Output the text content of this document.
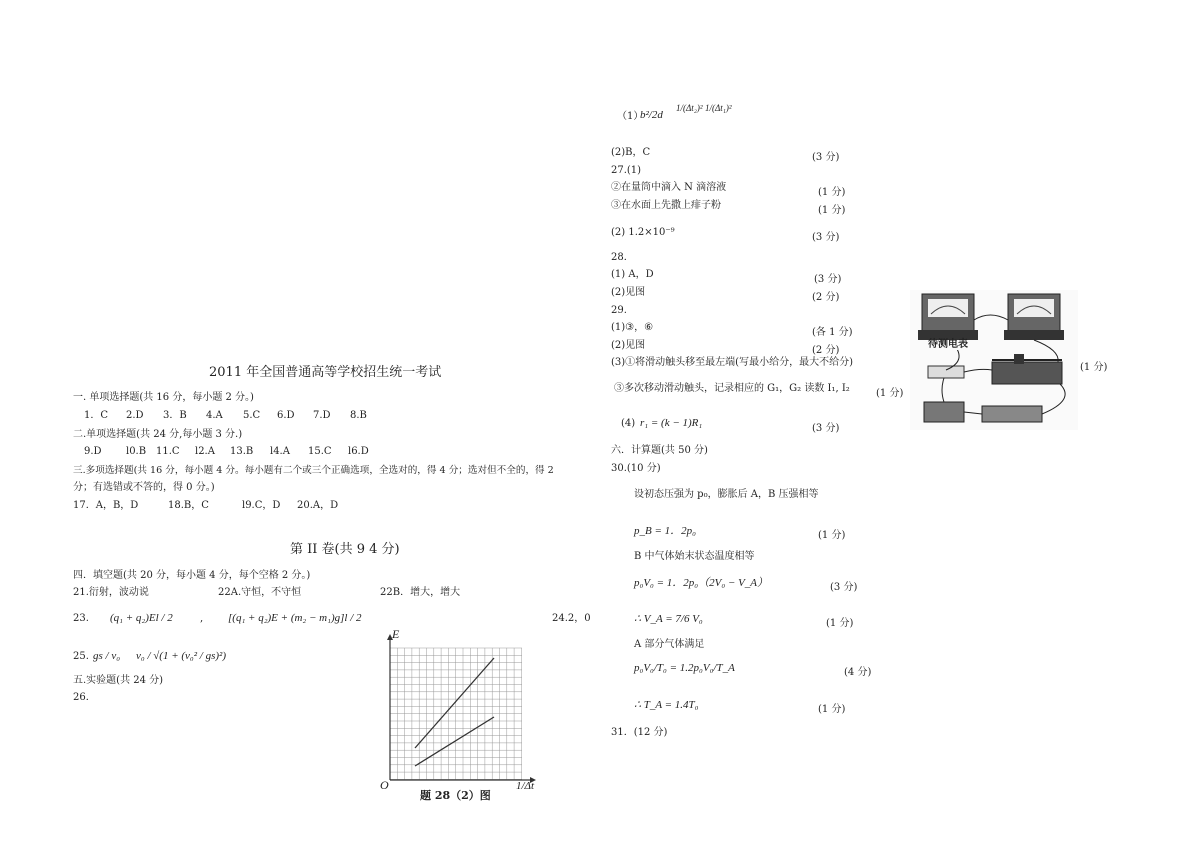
2011 年全国普通高等学校招生统一考试
一. 单项选择题(共 16 分，每小题 2 分。)
1．C 2.D 3．B 4.A 5.C 6.D 7.D 8.B
二.单项选择题(共 24 分,每小题 3 分.)
9.D l0.B 11.C l2.A 13.B l4.A 15.C l6.D
三.多项选择题(共 16 分，每小题 4 分。每小题有二个或三个正确选项，全选对的，得 4 分；选对但不全的，得 2
分；有选错或不答的，得 0 分。)
17．A，B，D	18.B，C	l9.C，D 20.A，D
第 II 卷(共 9 4 分)
四．填空题(共 20 分，每小题 4 分，每个空格 2 分。)
21.衍射，波动说	22A.守恒，不守恒	22B．增大，增大
23. (q₁ + q₂)El / 2	, [(q₁ + q₂)E + (m₂ − m₁)g]l / 2	24.2，0
25. gs / v₀ v₀ / √(1 + (v₀² / gs)²)
五.实验题(共 24 分)
26．
E
O	1/Δt
题 28（2）图
（1）
b²/2d
1/(Δt₂)² 1/(Δt₁)²
(2)B，C	(3 分)
27.(1)
②在量筒中滴入 N 滴溶液	(1 分)
③在水面上先撒上痱子粉	(1 分)
(2) 1.2×10⁻⁹	(3 分)
28．
(1) A，D	(3 分)
(2)见图	(2 分)
29.
(1)③，⑥	(各 1 分)
(2)见图	(2 分)
(3)①将滑动触头移至最左端(写最小给分，最大不给分)	(1 分)
③多次移动滑动触头，记录相应的 G₁，G₂ 读数 I₁, I₂	(1 分)
(4) r₁ = (k − 1)R₁	(3 分)
待测电表
六．计算题(共 50 分)
30.(10 分)
设初态压强为 p₀，膨胀后 A，B 压强相等
p_B = 1．2p₀	(1 分)
B 中气体始末状态温度相等
p₀V₀ = 1．2p₀（2V₀ − V_A）	(3 分)
∴ V_A = 7/6 V₀	(1 分)
A 部分气体满足
p₀V₀/T₀ = 1.2p₀V₀/T_A	(4 分)
∴ T_A = 1.4T₀	(1 分)
31．(12 分)
